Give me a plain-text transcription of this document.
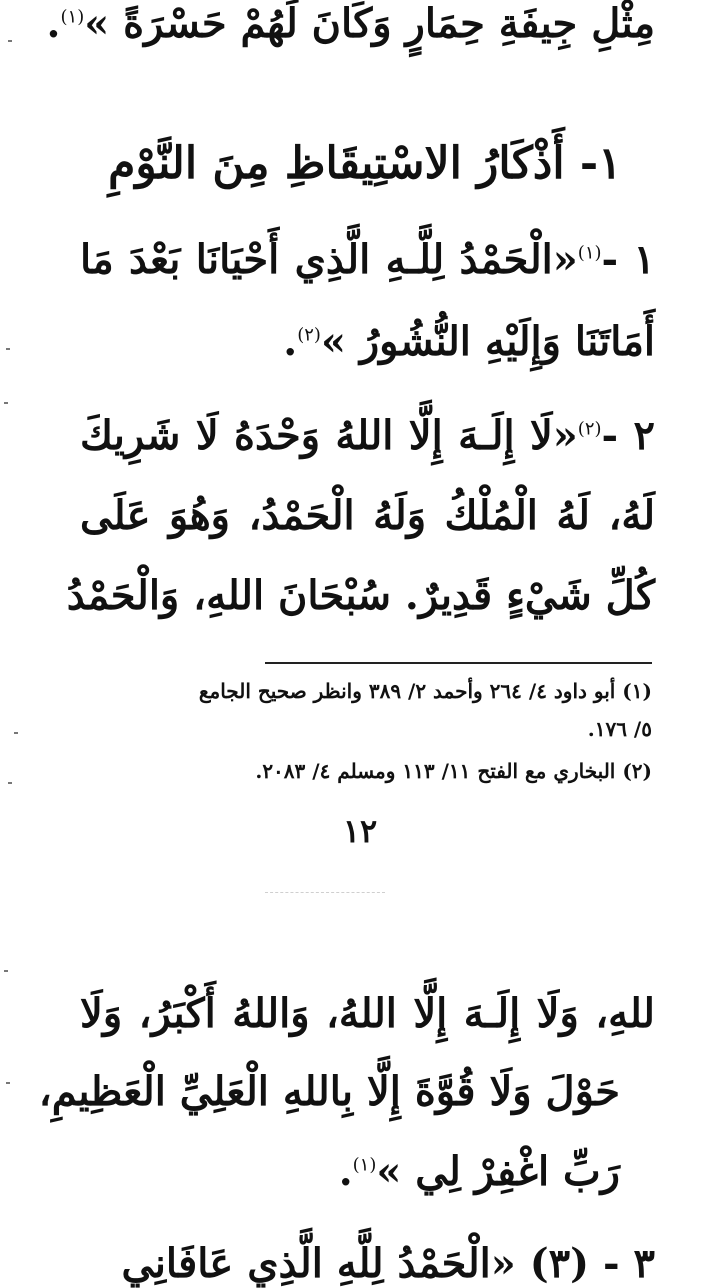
مِثْلِ جِيفَةِ حِمَارٍ وَكَانَ لَهُمْ حَسْرَةً »$^{(١)}$.
١- أَذْكَارُ الاسْتِيقَاظِ مِنَ النَّوْمِ
١ -$^{(١)}$«الْحَمْدُ لِلَّـهِ الَّذِي أَحْيَانَا بَعْدَ مَا
أَمَاتَنَا وَإِلَيْهِ النُّشُورُ »$^{(٢)}$.
٢ -$^{(٢)}$«لَا إِلَـهَ إِلَّا اللهُ وَحْدَهُ لَا شَرِيكَ
لَهُ، لَهُ الْمُلْكُ وَلَهُ الْحَمْدُ، وَهُوَ عَلَى
كُلِّ شَيْءٍ قَدِيرٌ. سُبْحَانَ اللهِ، وَالْحَمْدُ
(١) أبو داود ٤/ ٢٦٤ وأحمد ٢/ ٣٨٩ وانظر صحيح الجامع
٥/ ١٧٦.
(٢) البخاري مع الفتح ١١/ ١١٣ ومسلم ٤/ ٢٠٨٣.
١٢
للهِ، وَلَا إِلَـهَ إِلَّا اللهُ، وَاللهُ أَكْبَرُ، وَلَا
حَوْلَ وَلَا قُوَّةَ إِلَّا بِاللهِ الْعَلِيِّ الْعَظِيمِ،
رَبِّ اغْفِرْ لِي »$^{(١)}$.
٣ - (٣) «الْحَمْدُ لِلَّهِ الَّذِي عَافَانِي
